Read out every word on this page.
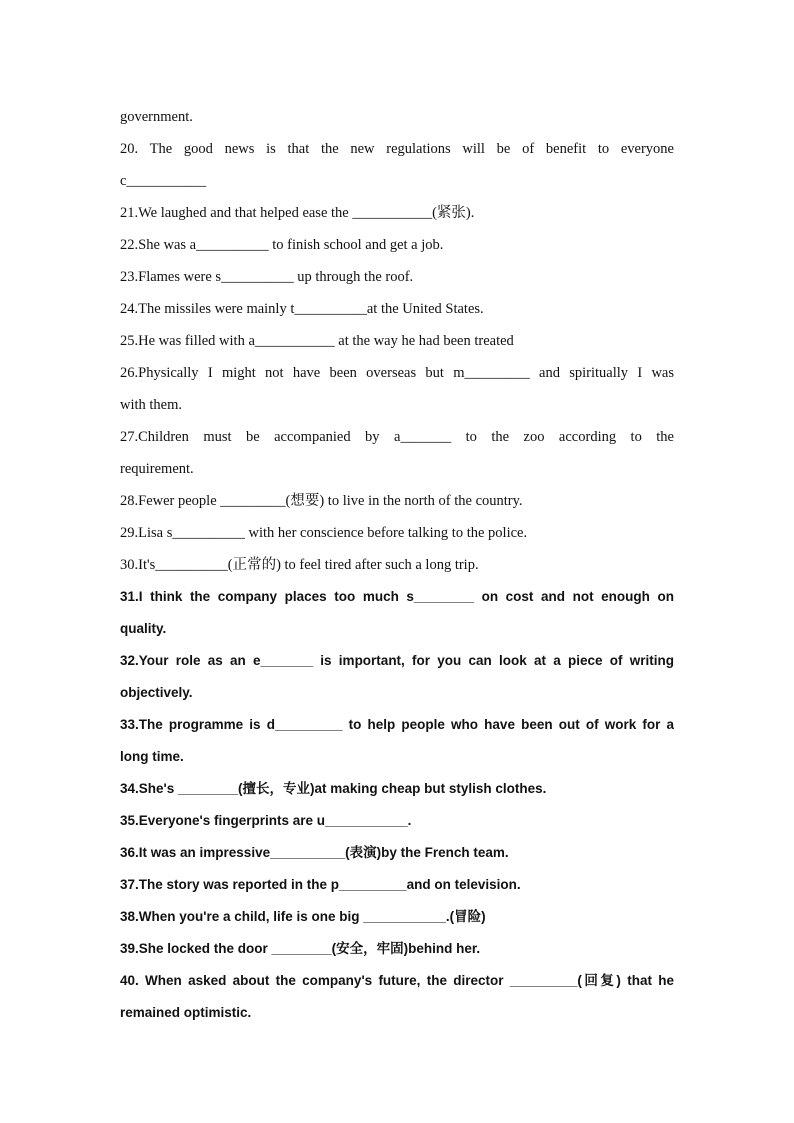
government.
20. The good news is that the new regulations will be of benefit to everyone
c___________
21.We laughed and that helped ease the ___________(紧张).
22.She was a__________ to finish school and get a job.
23.Flames were s__________ up through the roof.
24.The missiles were mainly t__________at the United States.
25.He was filled with a___________ at the way he had been treated
26.Physically I might not have been overseas but m_________ and spiritually I was
with them.
27.Children must be accompanied by a_______ to the zoo according to the
requirement.
28.Fewer people _________(想要) to live in the north of the country.
29.Lisa s__________ with her conscience before talking to the police.
30.It's__________(正常的) to feel tired after such a long trip.
31.I think the company places too much s________ on cost and not enough on
quality.
32.Your role as an e_______ is important, for you can look at a piece of writing
objectively.
33.The programme is d_________ to help people who have been out of work for a
long time.
34.She's ________(擅长，专业)at making cheap but stylish clothes.
35.Everyone's fingerprints are u___________.
36.It was an impressive__________(表演)by the French team.
37.The story was reported in the p_________and on television.
38.When you're a child, life is one big ___________.(冒险)
39.She locked the door ________(安全，牢固)behind her.
40. When asked about the company's future, the director _________(回复) that he
remained optimistic.
